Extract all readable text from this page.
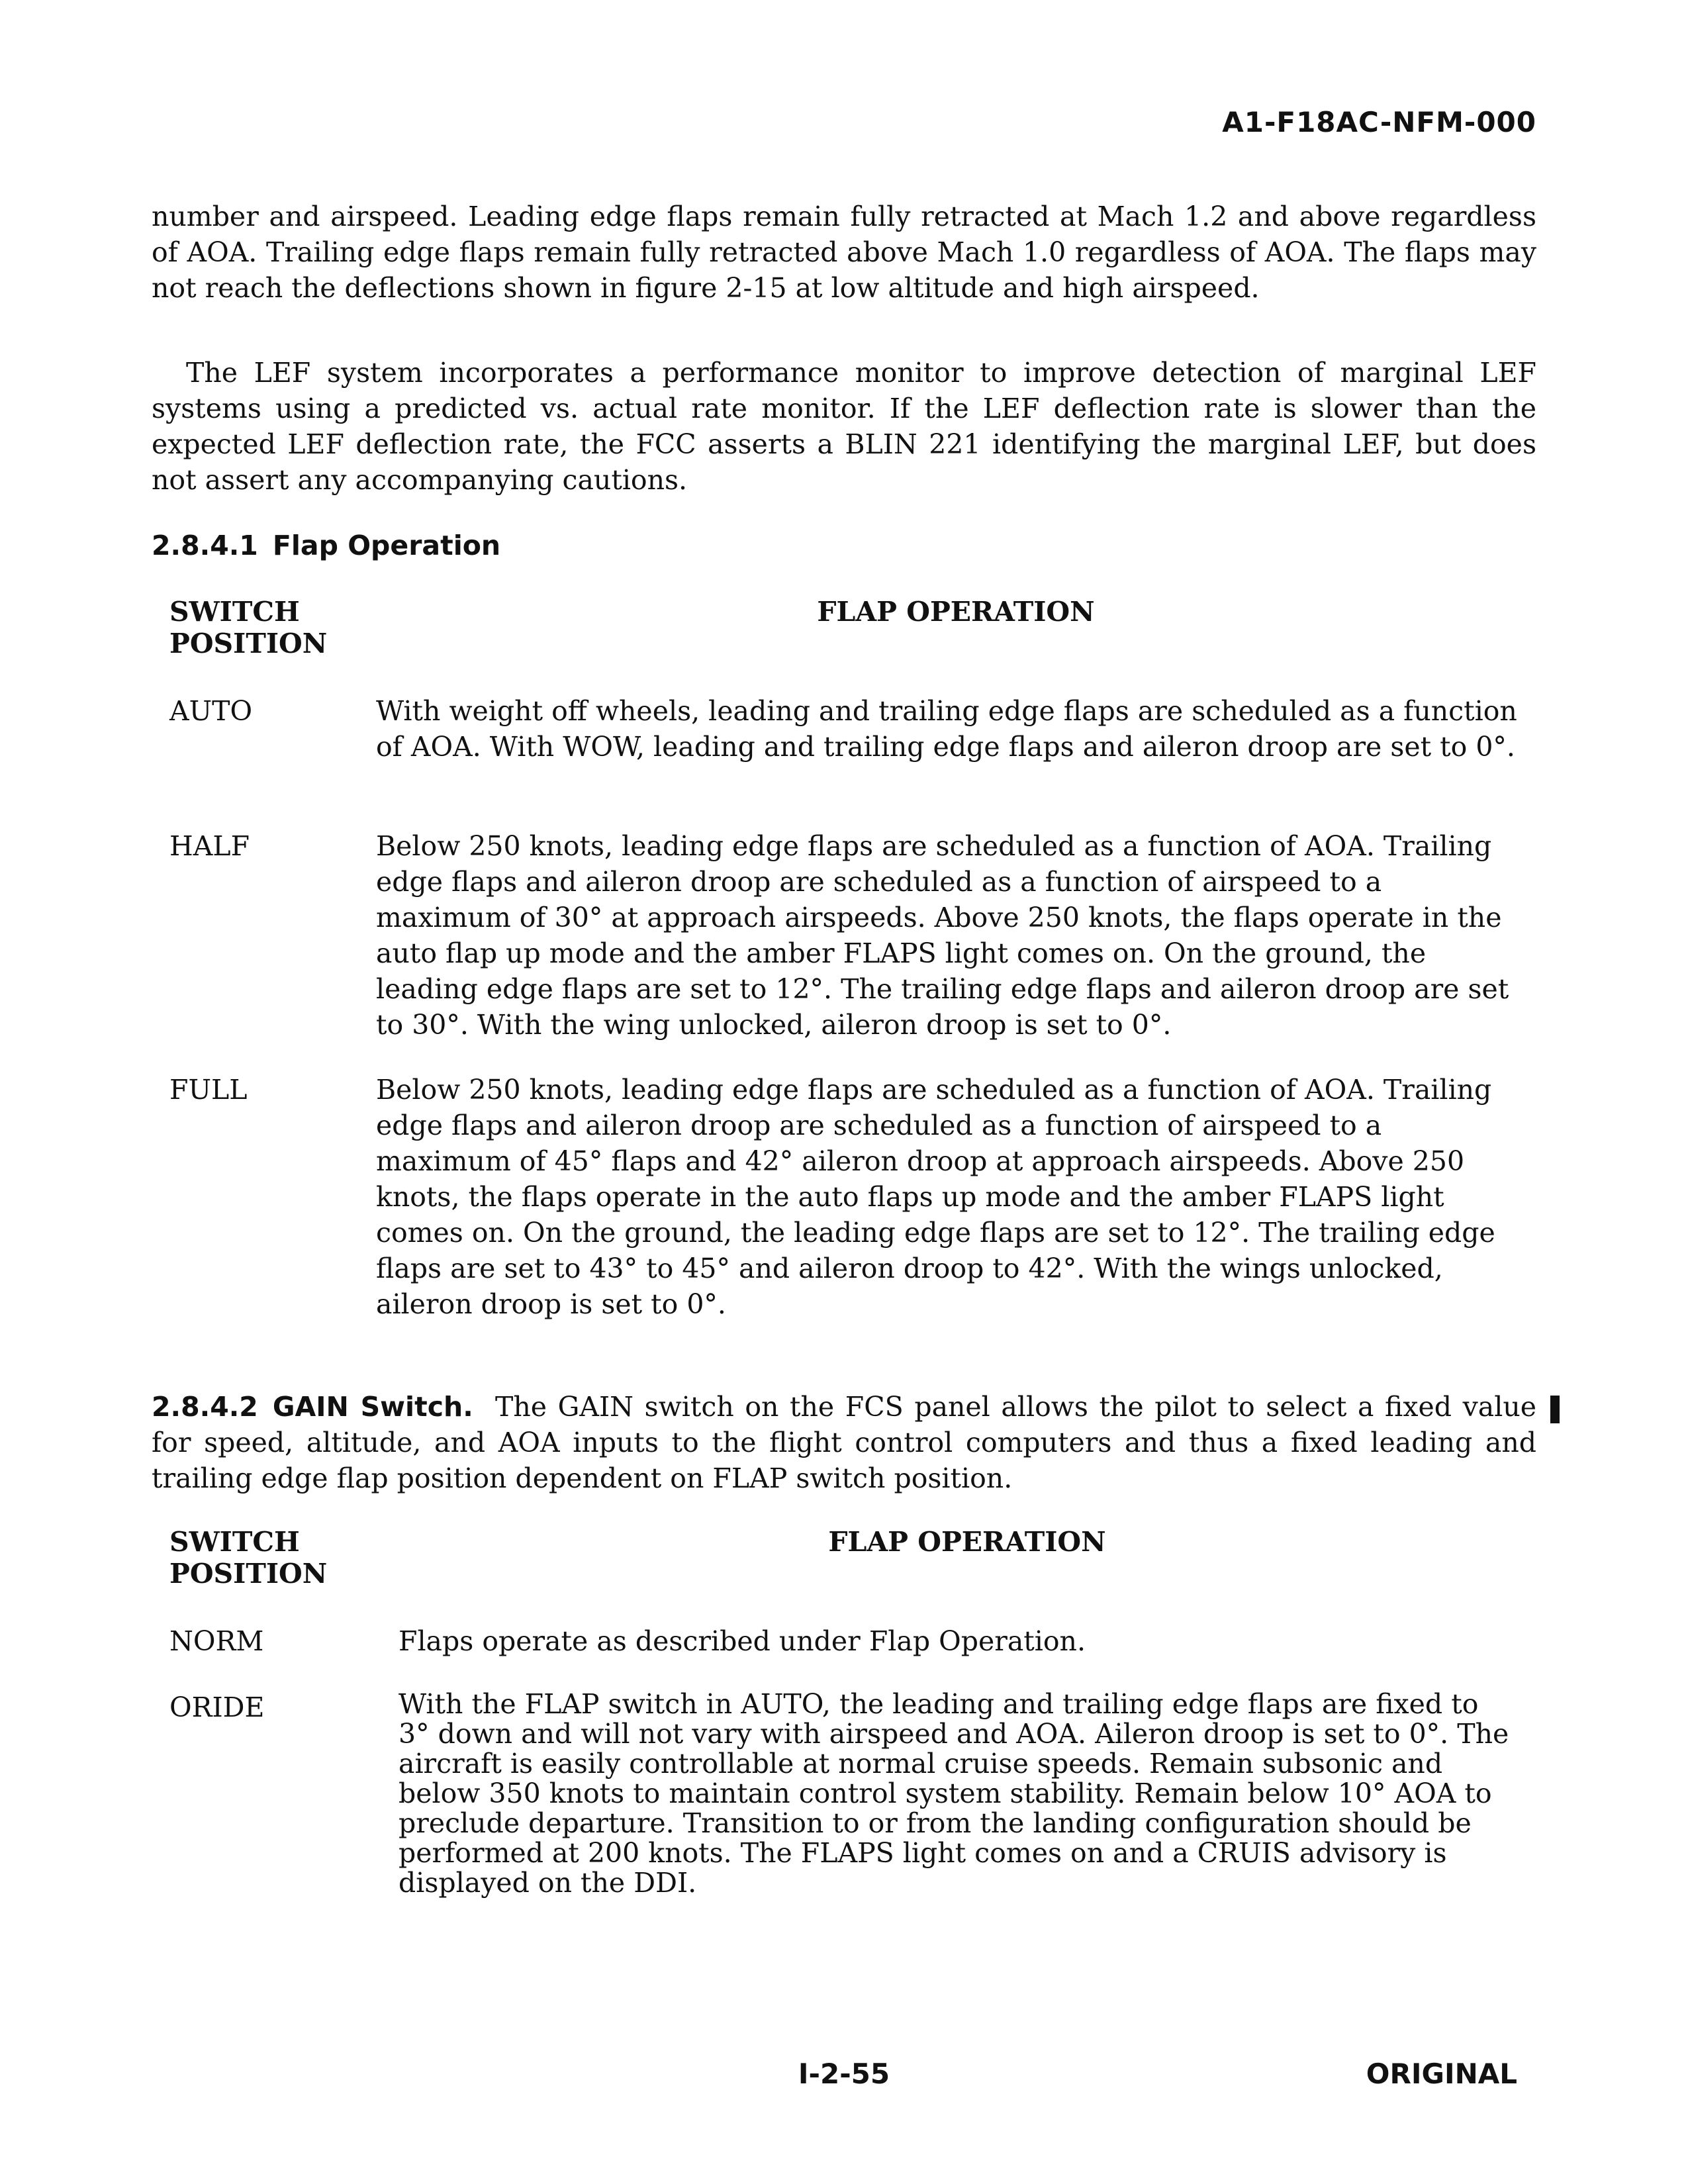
A1-F18AC-NFM-000

number and airspeed. Leading edge flaps remain fully retracted at Mach 1.2 and above regardless of AOA. Trailing edge flaps remain fully retracted above Mach 1.0 regardless of AOA. The flaps may not reach the deflections shown in figure 2-15 at low altitude and high airspeed.

The LEF system incorporates a performance monitor to improve detection of marginal LEF systems using a predicted vs. actual rate monitor. If the LEF deflection rate is slower than the expected LEF deflection rate, the FCC asserts a BLIN 221 identifying the marginal LEF, but does not assert any accompanying cautions.

2.8.4.1 Flap Operation
SWITCH POSITION
FLAP OPERATION
AUTO	With weight off wheels, leading and trailing edge flaps are scheduled as a function of AOA. With WOW, leading and trailing edge flaps and aileron droop are set to 0°.
HALF	Below 250 knots, leading edge flaps are scheduled as a function of AOA. Trailing edge flaps and aileron droop are scheduled as a function of airspeed to a maximum of 30° at approach airspeeds. Above 250 knots, the flaps operate in the auto flap up mode and the amber FLAPS light comes on. On the ground, the leading edge flaps are set to 12°. The trailing edge flaps and aileron droop are set to 30°. With the wing unlocked, aileron droop is set to 0°.
FULL	Below 250 knots, leading edge flaps are scheduled as a function of AOA. Trailing edge flaps and aileron droop are scheduled as a function of airspeed to a maximum of 45° flaps and 42° aileron droop at approach airspeeds. Above 250 knots, the flaps operate in the auto flaps up mode and the amber FLAPS light comes on. On the ground, the leading edge flaps are set to 12°. The trailing edge flaps are set to 43° to 45° and aileron droop to 42°. With the wings unlocked, aileron droop is set to 0°.

2.8.4.2 GAIN Switch. The GAIN switch on the FCS panel allows the pilot to select a fixed value for speed, altitude, and AOA inputs to the flight control computers and thus a fixed leading and trailing edge flap position dependent on FLAP switch position.

SWITCH POSITION
FLAP OPERATION
NORM	Flaps operate as described under Flap Operation.
ORIDE	With the FLAP switch in AUTO, the leading and trailing edge flaps are fixed to 3° down and will not vary with airspeed and AOA. Aileron droop is set to 0°. The aircraft is easily controllable at normal cruise speeds. Remain subsonic and below 350 knots to maintain control system stability. Remain below 10° AOA to preclude departure. Transition to or from the landing configuration should be performed at 200 knots. The FLAPS light comes on and a CRUIS advisory is displayed on the DDI.
I-2-55	ORIGINAL
